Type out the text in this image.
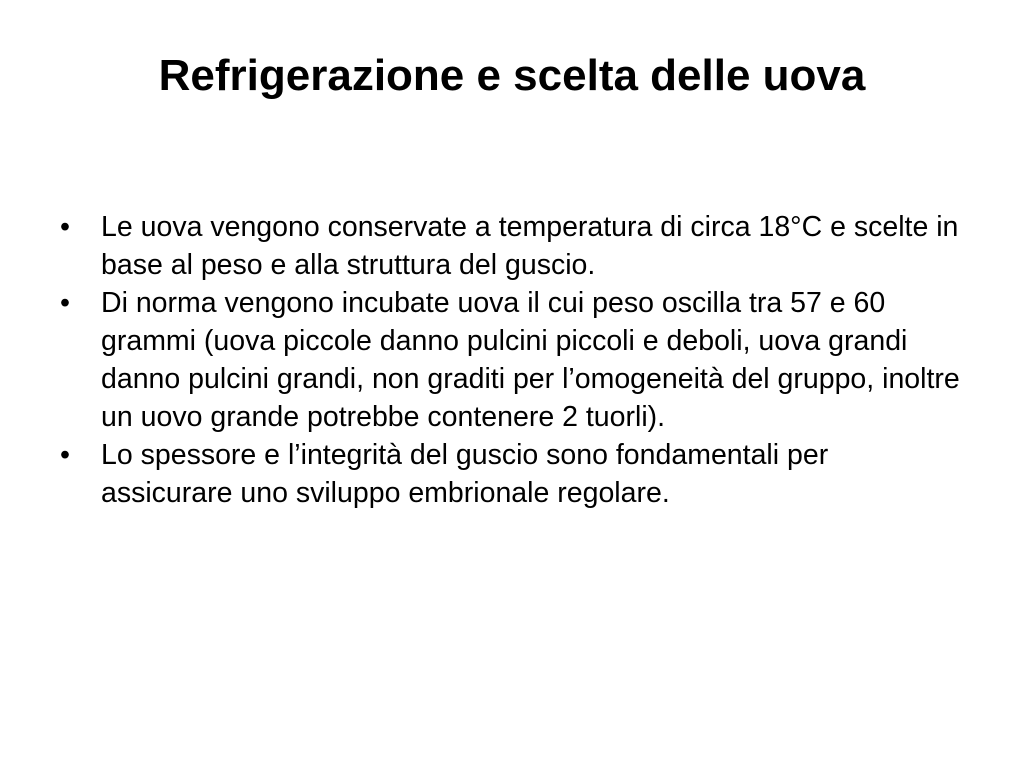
Refrigerazione e scelta delle uova
•	Le uova vengono conservate a temperatura di circa 18°C e scelte in base al peso e alla struttura del guscio.
•	Di norma vengono incubate uova il cui peso oscilla tra 57 e 60 grammi (uova piccole danno pulcini piccoli e deboli, uova grandi danno pulcini grandi, non graditi per l’omogeneità del gruppo, inoltre un uovo grande potrebbe contenere 2 tuorli).
•	Lo spessore e l’integrità del guscio sono fondamentali per assicurare uno sviluppo embrionale regolare.
